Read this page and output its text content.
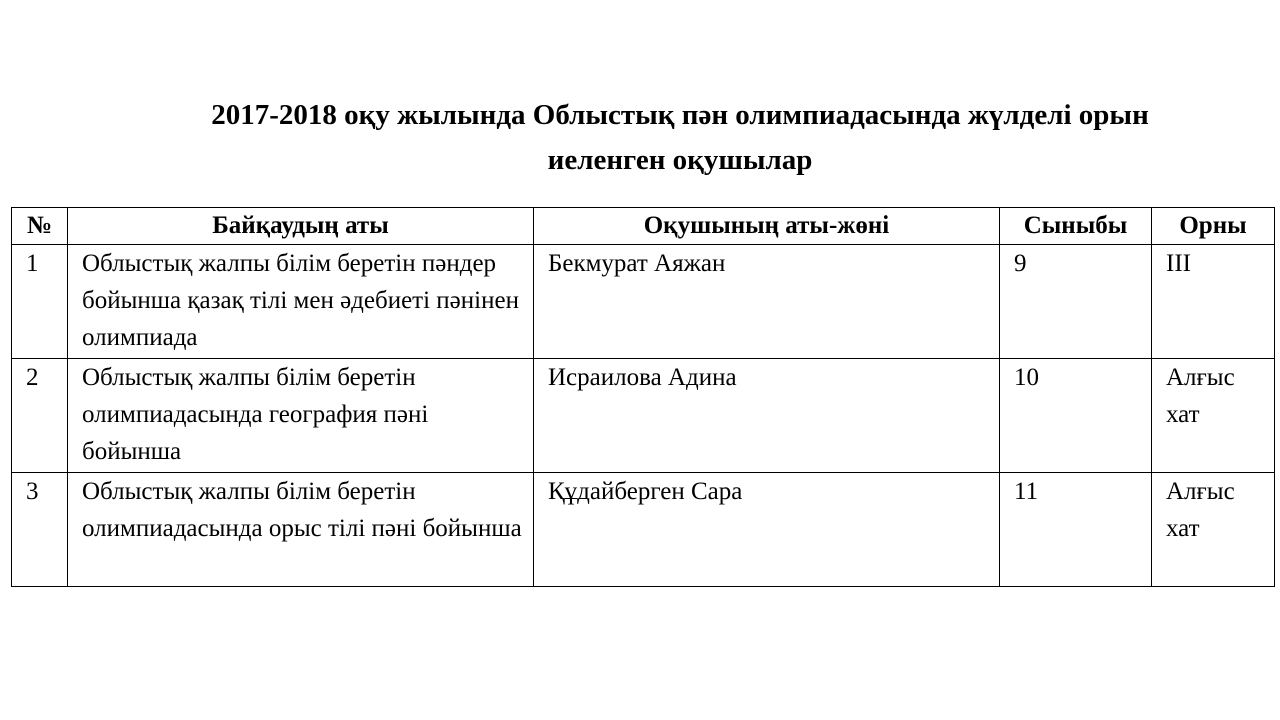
2017-2018 оқу жылында Облыстық пән олимпиадасында жүлделі орын
иеленген оқушылар
№	Байқаудың аты	Оқушының аты-жөні	Сыныбы	Орны
1	Облыстық жалпы білім беретін пәндер бойынша қазақ тілі мен әдебиеті пәнінен олимпиада	Бекмурат Аяжан	9	III
2	Облыстық жалпы білім беретін олимпиадасында география пәні бойынша	Исраилова Адина	10	Алғыс хат
3	Облыстық жалпы білім беретін олимпиадасында орыс тілі пәні бойынша	Құдайберген Сара	11	Алғыс хат
